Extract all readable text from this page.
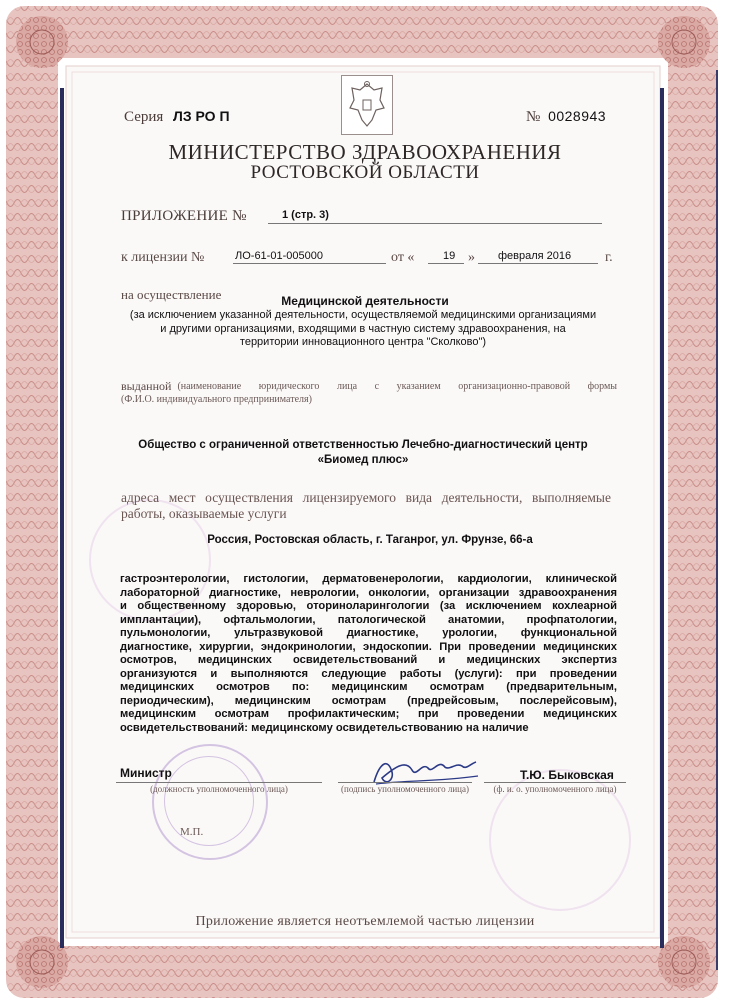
Серия ЛЗ РО П	№ 0028943
МИНИСТЕРСТВО ЗДРАВООХРАНЕНИЯ
РОСТОВСКОЙ ОБЛАСТИ
ПРИЛОЖЕНИЕ №	1 (стр. 3)
к лицензии №	ЛО-61-01-005000	от «	19 » февраля 2016 г.
на осуществление	Медицинской деятельности
(за исключением указанной деятельности, осуществляемой медицинскими организациями
и другими организациями, входящими в частную систему здравоохранения, на
территории инновационного центра "Сколково")
выданной (наименование юридического лица с указанием организационно-правовой формы
(Ф.И.О. индивидуального предпринимателя)
Общество с ограниченной ответственностью Лечебно-диагностический центр
«Биомед плюс»
адреса мест осуществления лицензируемого вида деятельности, выполняемые
работы, оказываемые услуги
Россия, Ростовская область, г. Таганрог, ул. Фрунзе, 66-а
гастроэнтерологии, гистологии, дерматовенерологии, кардиологии, клинической
лабораторной диагностике, неврологии, онкологии, организации здравоохранения
и общественному здоровью, оториноларингологии (за исключением кохлеарной
имплантации), офтальмологии, патологической анатомии, профпатологии,
пульмонологии, ультразвуковой диагностике, урологии, функциональной
диагностике, хирургии, эндокринологии, эндоскопии. При проведении медицинских
осмотров, медицинских освидетельствований и медицинских экспертиз
организуются и выполняются следующие работы (услуги): при проведении
медицинских осмотров по: медицинским осмотрам (предварительным,
периодическим), медицинским осмотрам (предрейсовым, послерейсовым),
медицинским осмотрам профилактическим; при проведении медицинских
освидетельствований: медицинскому освидетельствованию на наличие
Министр
(должность уполномоченного лица)	(подпись уполномоченного лица)
Т.Ю. Быковская
(ф. и. о. уполномоченного лица)
М.П.
Приложение является неотъемлемой частью лицензии
